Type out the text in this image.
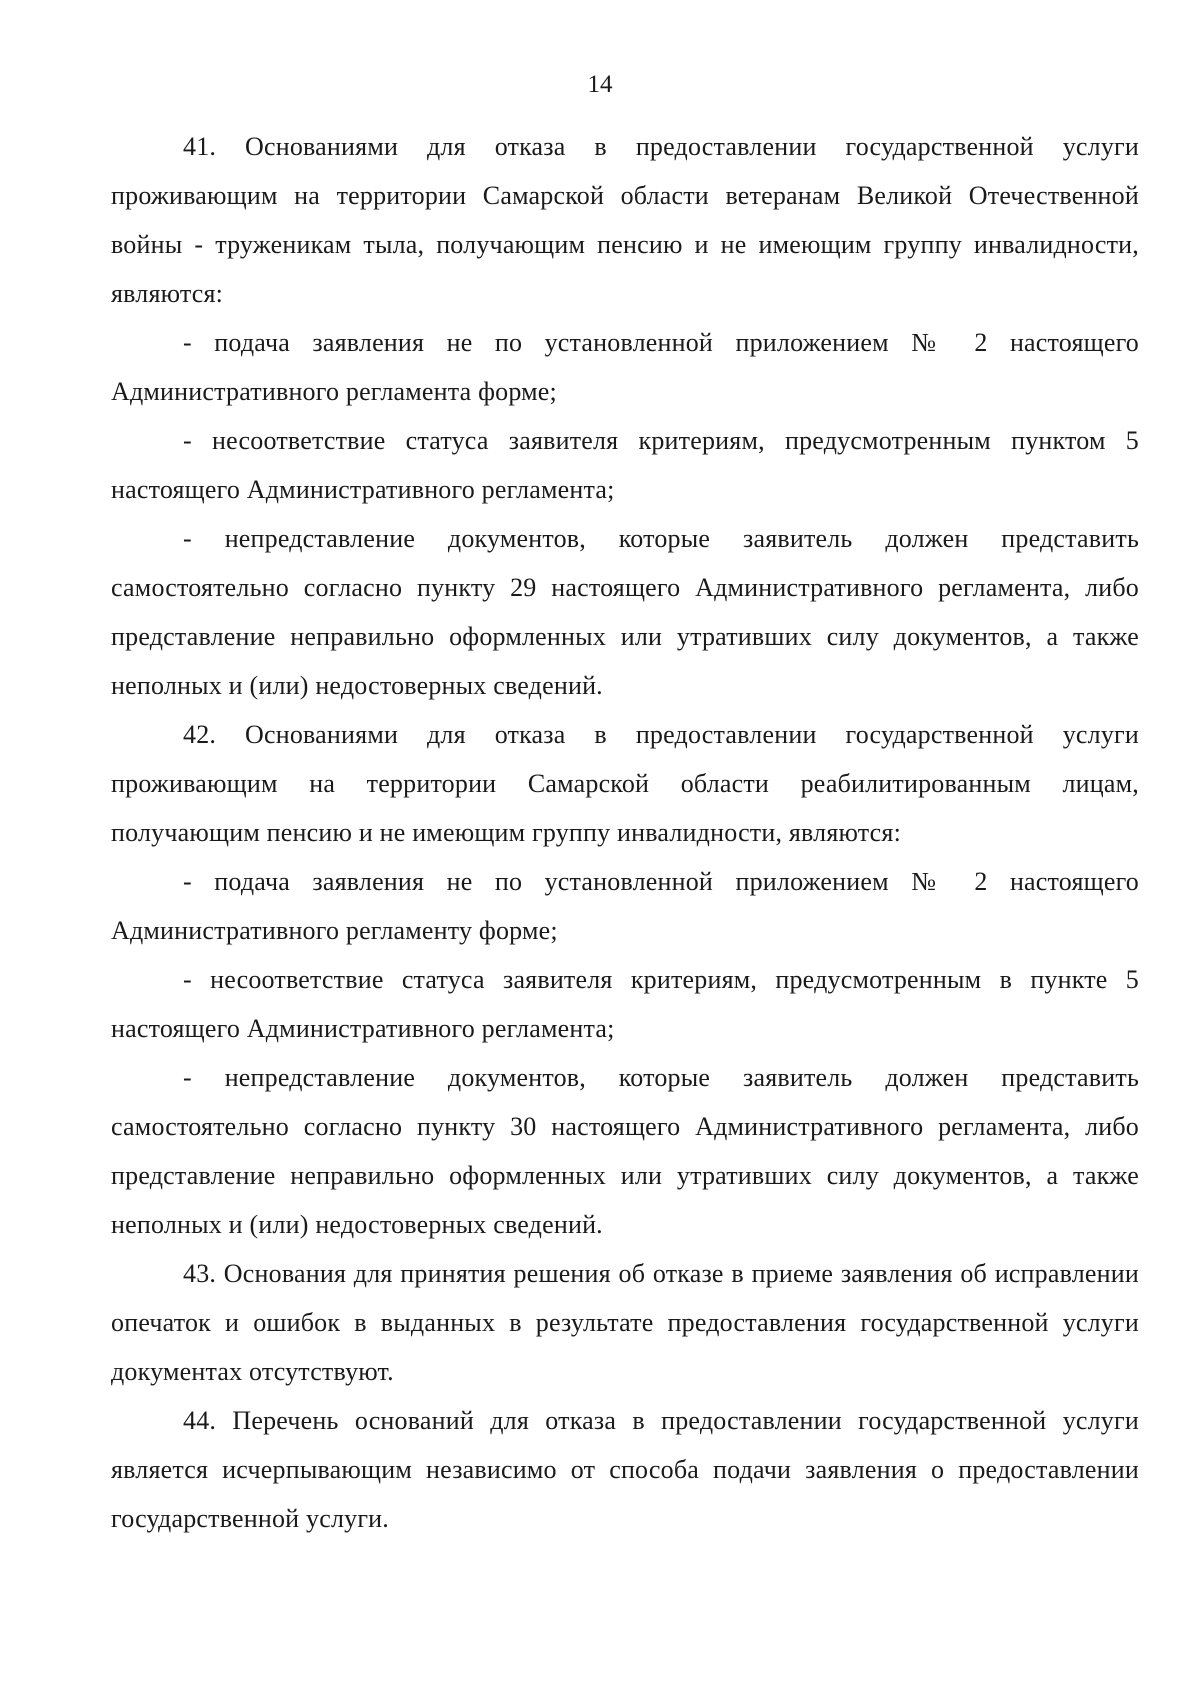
14

41. Основаниями для отказа в предоставлении государственной услуги проживающим на территории Самарской области ветеранам Великой Отечественной войны - труженикам тыла, получающим пенсию и не имеющим группу инвалидности, являются:

- подача заявления не по установленной приложением № 2 настоящего Административного регламента форме;

- несоответствие статуса заявителя критериям, предусмотренным пунктом 5 настоящего Административного регламента;

- непредставление документов, которые заявитель должен представить самостоятельно согласно пункту 29 настоящего Административного регламента, либо представление неправильно оформленных или утративших силу документов, а также неполных и (или) недостоверных сведений.

42. Основаниями для отказа в предоставлении государственной услуги проживающим на территории Самарской области реабилитированным лицам, получающим пенсию и не имеющим группу инвалидности, являются:

- подача заявления не по установленной приложением № 2 настоящего Административного регламенту форме;

- несоответствие статуса заявителя критериям, предусмотренным в пункте 5 настоящего Административного регламента;

- непредставление документов, которые заявитель должен представить самостоятельно согласно пункту 30 настоящего Административного регламента, либо представление неправильно оформленных или утративших силу документов, а также неполных и (или) недостоверных сведений.

43. Основания для принятия решения об отказе в приеме заявления об исправлении опечаток и ошибок в выданных в результате предоставления государственной услуги документах отсутствуют.

44. Перечень оснований для отказа в предоставлении государственной услуги является исчерпывающим независимо от способа подачи заявления о предоставлении государственной услуги.
